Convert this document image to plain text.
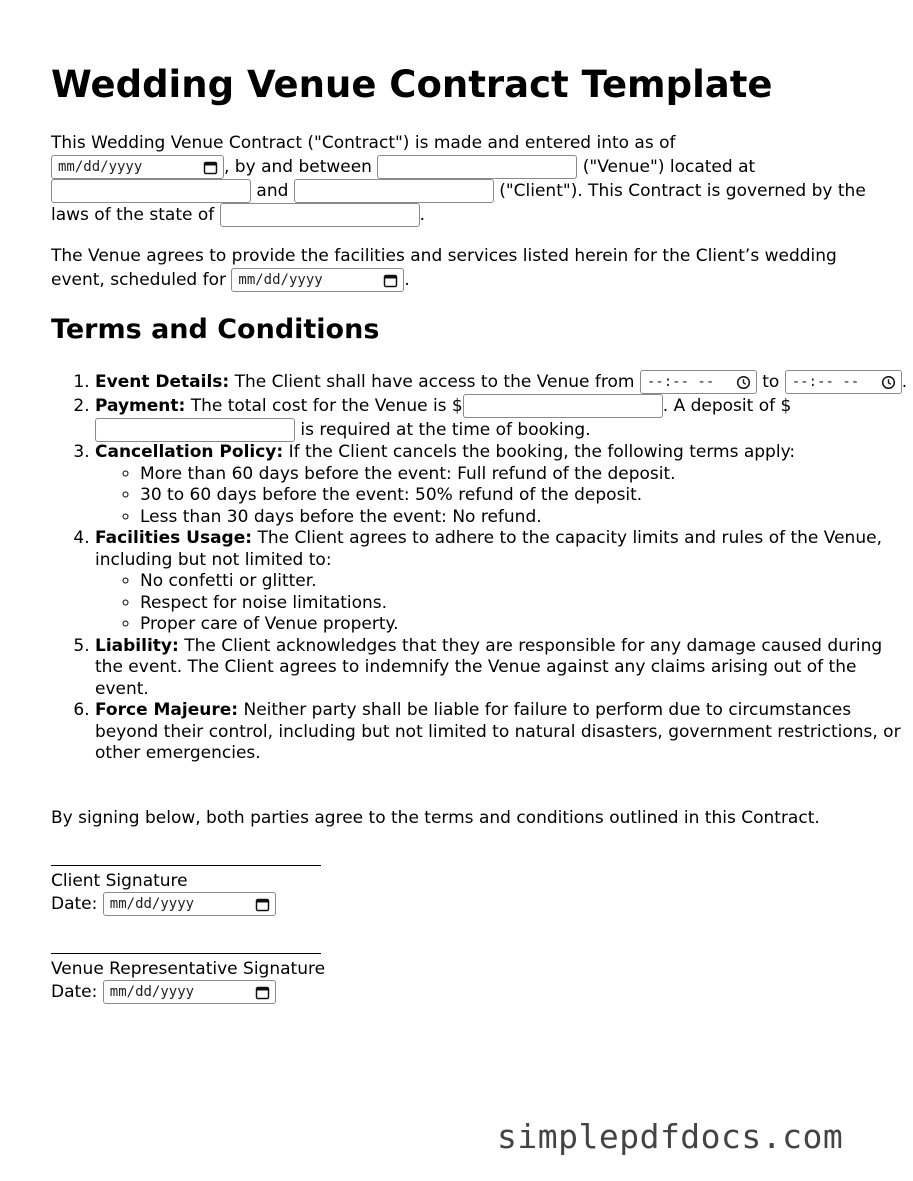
Wedding Venue Contract Template

This Wedding Venue Contract ("Contract") is made and entered into as of
mm/dd/yyyy	, by and between	("Venue") located at
and	("Client"). This Contract is governed by the laws of the state of	.

The Venue agrees to provide the facilities and services listed herein for the Client’s wedding event, scheduled for mm/dd/yyyy	.

Terms and Conditions
1. Event Details: The Client shall have access to the Venue from --:-- --	to --:-- --	.
2. Payment: The total cost for the Venue is $	. A deposit of $  is required at the time of booking.
3. Cancellation Policy: If the Client cancels the booking, the following terms apply:
◦ More than 60 days before the event: Full refund of the deposit.
◦ 30 to 60 days before the event: 50% refund of the deposit.
◦ Less than 30 days before the event: No refund.
4. Facilities Usage: The Client agrees to adhere to the capacity limits and rules of the Venue, including but not limited to:
◦ No confetti or glitter.
◦ Respect for noise limitations.
◦ Proper care of Venue property.
5. Liability: The Client acknowledges that they are responsible for any damage caused during the event. The Client agrees to indemnify the Venue against any claims arising out of the event.
6. Force Majeure: Neither party shall be liable for failure to perform due to circumstances beyond their control, including but not limited to natural disasters, government restrictions, or other emergencies.

By signing below, both parties agree to the terms and conditions outlined in this Contract.

Client Signature
Date: mm/dd/yyyy
Venue Representative Signature
Date: mm/dd/yyyy
simplepdfdocs.com
